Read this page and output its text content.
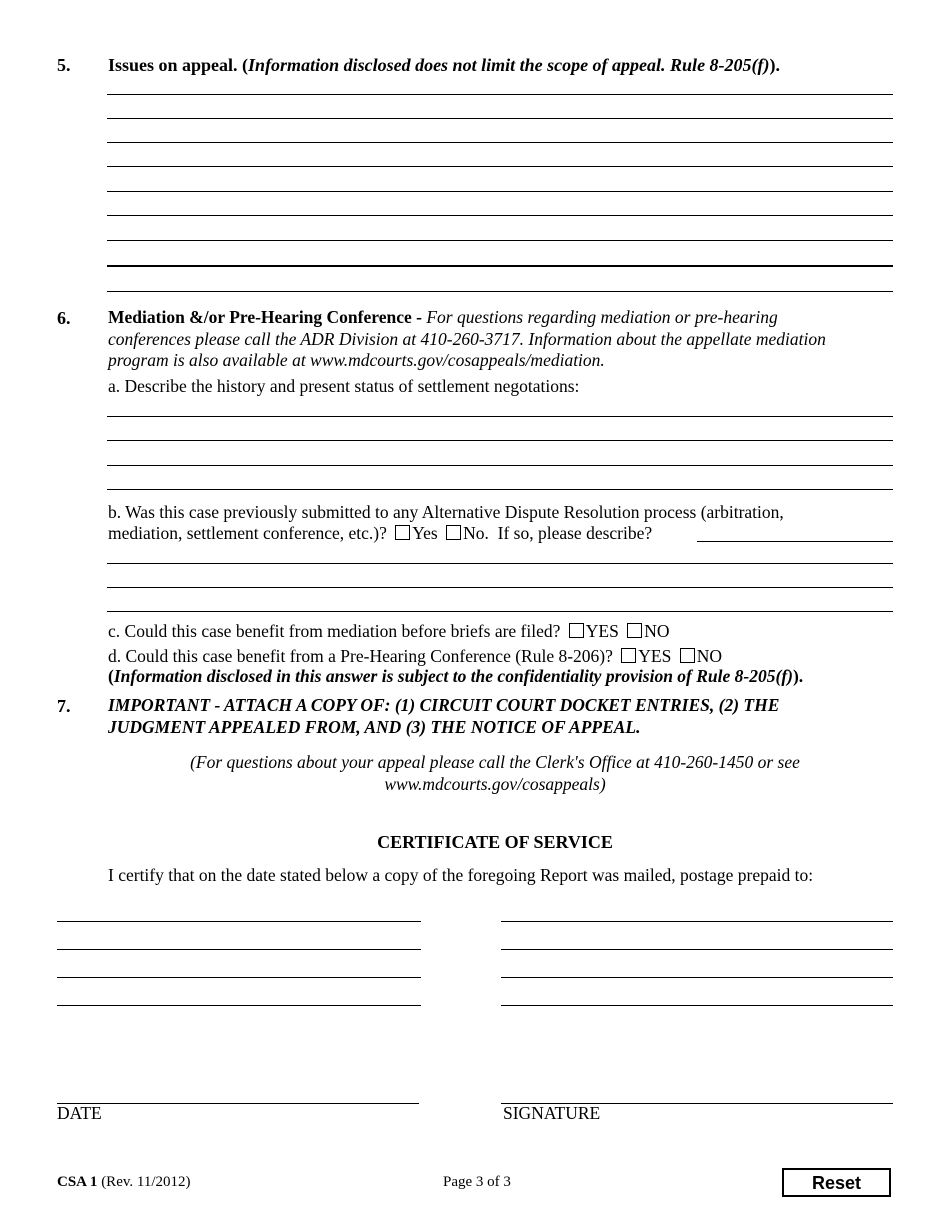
5. Issues on appeal. (Information disclosed does not limit the scope of appeal. Rule 8-205(f)).
6. Mediation &/or Pre-Hearing Conference - For questions regarding mediation or pre-hearing
conferences please call the ADR Division at 410-260-3717. Information about the appellate mediation
program is also available at www.mdcourts.gov/cosappeals/mediation.
a. Describe the history and present status of settlement negotations:
b. Was this case previously submitted to any Alternative Dispute Resolution process (arbitration,
mediation, settlement conference, etc.)? Yes No. If so, please describe?
c. Could this case benefit from mediation before briefs are filed? YES NO
d. Could this case benefit from a Pre-Hearing Conference (Rule 8-206)? YES NO
(Information disclosed in this answer is subject to the confidentiality provision of Rule 8-205(f)).
7. IMPORTANT - ATTACH A COPY OF: (1) CIRCUIT COURT DOCKET ENTRIES, (2) THE
JUDGMENT APPEALED FROM, AND (3) THE NOTICE OF APPEAL.
(For questions about your appeal please call the Clerk's Office at 410-260-1450 or see
www.mdcourts.gov/cosappeals)
CERTIFICATE OF SERVICE
I certify that on the date stated below a copy of the foregoing Report was mailed, postage prepaid to:
DATE	SIGNATURE
CSA 1 (Rev. 11/2012)	Page 3 of 3	Reset
